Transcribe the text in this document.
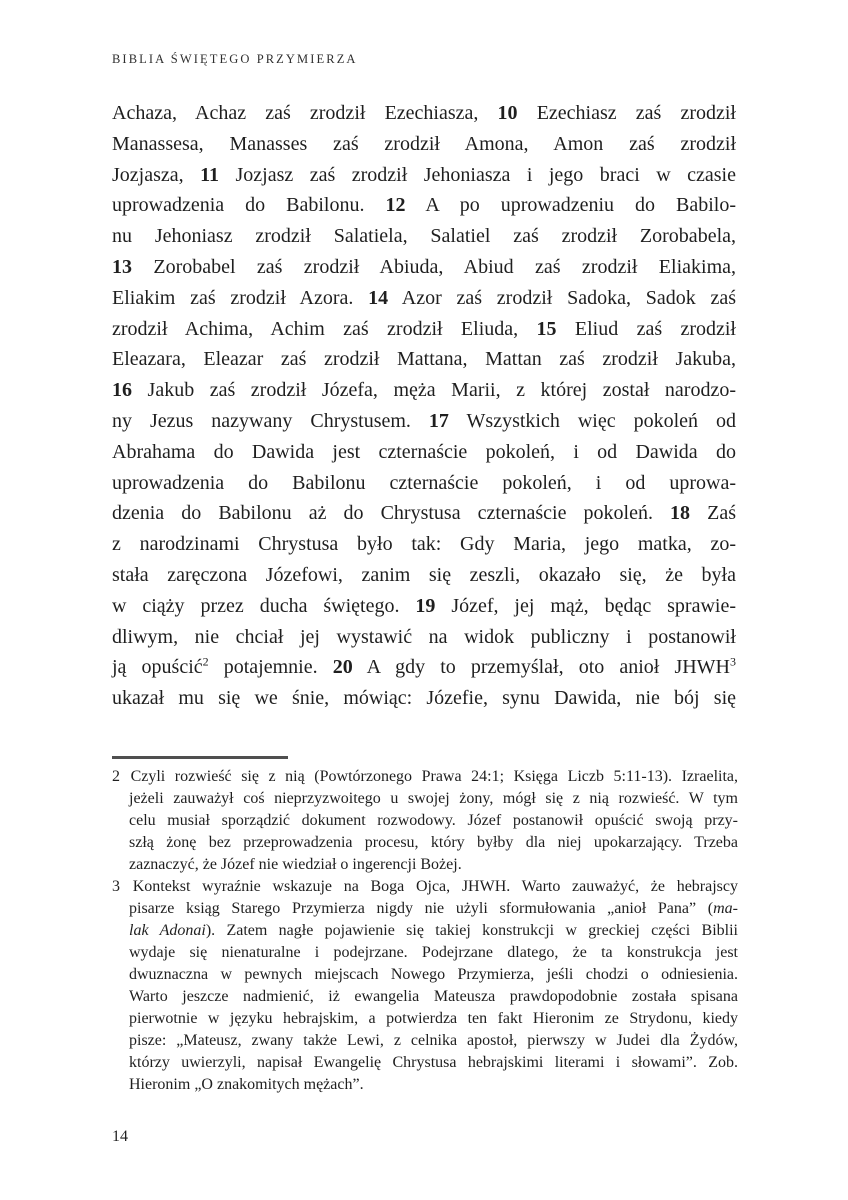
BIBLIA ŚWIĘTEGO PRZYMIERZA
Achaza, Achaz zaś zrodził Ezechiasza, 10 Ezechiasz zaś zrodził
Manassesa, Manasses zaś zrodził Amona, Amon zaś zrodził
Jozjasza, 11 Jozjasz zaś zrodził Jehoniasza i jego braci w czasie
uprowadzenia do Babilonu. 12 A po uprowadzeniu do Babilo-
nu Jehoniasz zrodził Salatiela, Salatiel zaś zrodził Zorobabela,
13 Zorobabel zaś zrodził Abiuda, Abiud zaś zrodził Eliakima,
Eliakim zaś zrodził Azora. 14 Azor zaś zrodził Sadoka, Sadok zaś
zrodził Achima, Achim zaś zrodził Eliuda, 15 Eliud zaś zrodził
Eleazara, Eleazar zaś zrodził Mattana, Mattan zaś zrodził Jakuba,
16 Jakub zaś zrodził Józefa, męża Marii, z której został narodzo-
ny Jezus nazywany Chrystusem. 17 Wszystkich więc pokoleń od
Abrahama do Dawida jest czternaście pokoleń, i od Dawida do
uprowadzenia do Babilonu czternaście pokoleń, i od uprowa-
dzenia do Babilonu aż do Chrystusa czternaście pokoleń. 18 Zaś
z narodzinami Chrystusa było tak: Gdy Maria, jego matka, zo-
stała zaręczona Józefowi, zanim się zeszli, okazało się, że była
w ciąży przez ducha świętego. 19 Józef, jej mąż, będąc sprawie-
dliwym, nie chciał jej wystawić na widok publiczny i postanowił
ją opuścić$^2$ potajemnie. 20 A gdy to przemyślał, oto anioł JHWH$^3$
ukazał mu się we śnie, mówiąc: Józefie, synu Dawida, nie bój się
2 Czyli rozwieść się z nią (Powtórzonego Prawa 24:1; Księga Liczb 5:11-13). Izraelita,
jeżeli zauważył coś nieprzyzwoitego u swojej żony, mógł się z nią rozwieść. W tym
celu musiał sporządzić dokument rozwodowy. Józef postanowił opuścić swoją przy-
szłą żonę bez przeprowadzenia procesu, który byłby dla niej upokarzający. Trzeba
zaznaczyć, że Józef nie wiedział o ingerencji Bożej.
3 Kontekst wyraźnie wskazuje na Boga Ojca, JHWH. Warto zauważyć, że hebrajscy
pisarze ksiąg Starego Przymierza nigdy nie użyli sformułowania „anioł Pana” (ma-
lak Adonai). Zatem nagłe pojawienie się takiej konstrukcji w greckiej części Biblii
wydaje się nienaturalne i podejrzane. Podejrzane dlatego, że ta konstrukcja jest
dwuznaczna w pewnych miejscach Nowego Przymierza, jeśli chodzi o odniesienia.
Warto jeszcze nadmienić, iż ewangelia Mateusza prawdopodobnie została spisana
pierwotnie w języku hebrajskim, a potwierdza ten fakt Hieronim ze Strydonu, kiedy
pisze: „Mateusz, zwany także Lewi, z celnika apostoł, pierwszy w Judei dla Żydów,
którzy uwierzyli, napisał Ewangelię Chrystusa hebrajskimi literami i słowami”. Zob.
Hieronim „O znakomitych mężach”.
14
